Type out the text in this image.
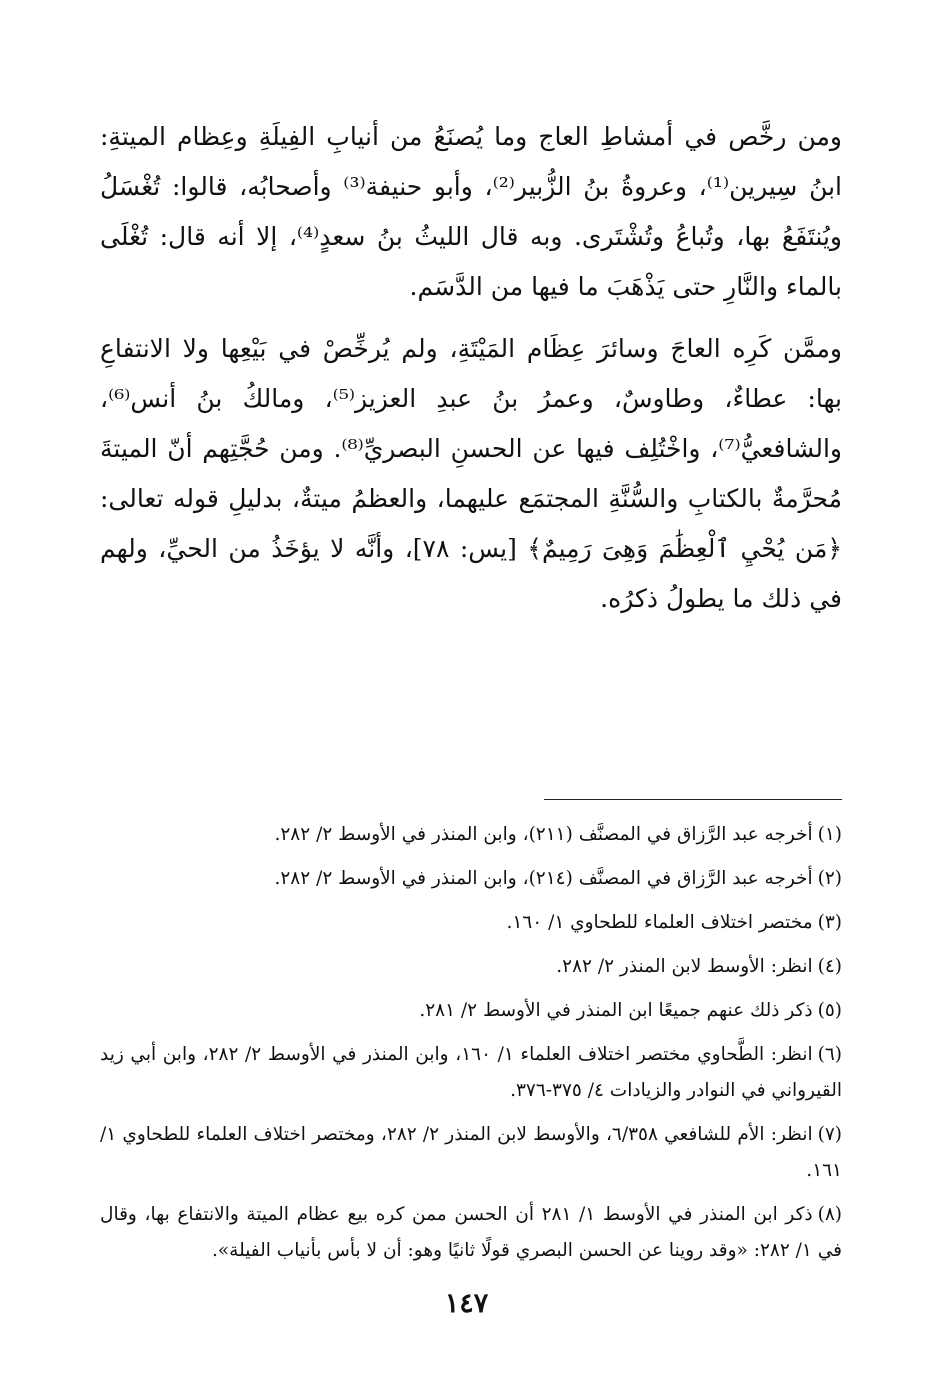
ومن رخَّص في أمشاطِ العاج وما يُصنَعُ من أنيابِ الفِيلَةِ وعِظام الميتةِ: ابنُ سِيرين⁽¹⁾، وعروةُ بنُ الزُّبير⁽²⁾، وأبو حنيفة⁽³⁾ وأصحابُه، قالوا: تُغْسَلُ ويُنتَفَعُ بها، وتُباعُ وتُشْتَرى. وبه قال الليثُ بنُ سعدٍ⁽⁴⁾، إلا أنه قال: تُغْلَى بالماء والنَّارِ حتى يَذْهَبَ ما فيها من الدَّسَم.

وممَّن كَرِه العاجَ وسائرَ عِظَام المَيْتَةِ، ولم يُرخِّصْ في بَيْعِها ولا الانتفاعِ بها: عطاءٌ، وطاوسٌ، وعمرُ بنُ عبدِ العزيز⁽⁵⁾، ومالكُ بنُ أنس⁽⁶⁾، والشافعيُّ⁽⁷⁾، واخْتُلِف فيها عن الحسنِ البصريِّ⁽⁸⁾. ومن حُجَّتِهم أنّ الميتةَ مُحرَّمةٌ بالكتابِ والسُّنَّةِ المجتمَع عليهما، والعظمُ ميتةٌ، بدليلِ قوله تعالى: ﴿مَن يُحْيِ ٱلْعِظَٰمَ وَهِىَ رَمِيمٌ﴾ [يس: ٧٨]، وأنَّه لا يؤخَذُ من الحيِّ، ولهم في ذلك ما يطولُ ذكرُه.

(١)أخرجه عبد الرَّزاق في المصنَّف (٢١١)، وابن المنذر في الأوسط ٢/ ٢٨٢.

(٢)أخرجه عبد الرَّزاق في المصنَّف (٢١٤)، وابن المنذر في الأوسط ٢/ ٢٨٢.

(٣)مختصر اختلاف العلماء للطحاوي ١/ ١٦٠.

(٤)انظر: الأوسط لابن المنذر ٢/ ٢٨٢.

(٥)ذكر ذلك عنهم جميعًا ابن المنذر في الأوسط ٢/ ٢٨١.

(٦)انظر: الطَّحاوي مختصر اختلاف العلماء ١/ ١٦٠، وابن المنذر في الأوسط ٢/ ٢٨٢، وابن أبي زيد القيرواني في النوادر والزيادات ٤/ ٣٧٥-٣٧٦.

(٧)انظر: الأم للشافعي ٦/٣٥٨، والأوسط لابن المنذر ٢/ ٢٨٢، ومختصر اختلاف العلماء للطحاوي ١/ ١٦١.

(٨)ذكر ابن المنذر في الأوسط ١/ ٢٨١ أن الحسن ممن كره بيع عظام الميتة والانتفاع بها، وقال في ١/ ٢٨٢: «وقد روينا عن الحسن البصري قولًا ثانيًا وهو: أن لا بأس بأنياب الفيلة».

١٤٧
